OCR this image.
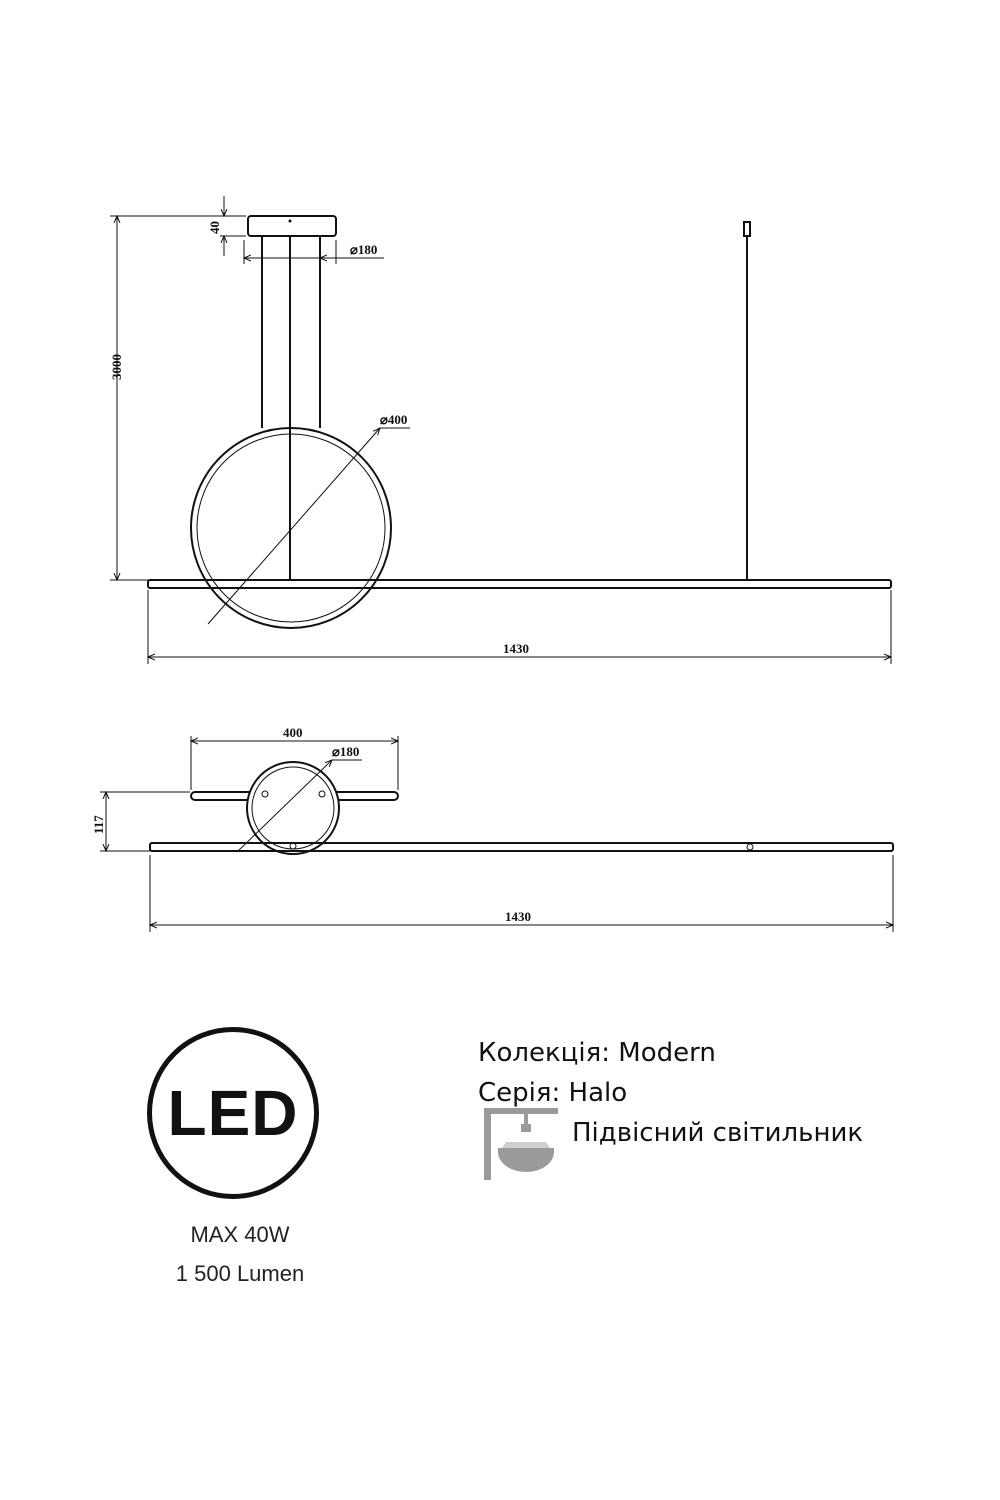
40
⌀180
3000
⌀400
1430
400
⌀180
117
1430
LED
MAX 40W
1 500 Lumen
Колекція: Modern
Серія: Halo
Підвісний світильник
